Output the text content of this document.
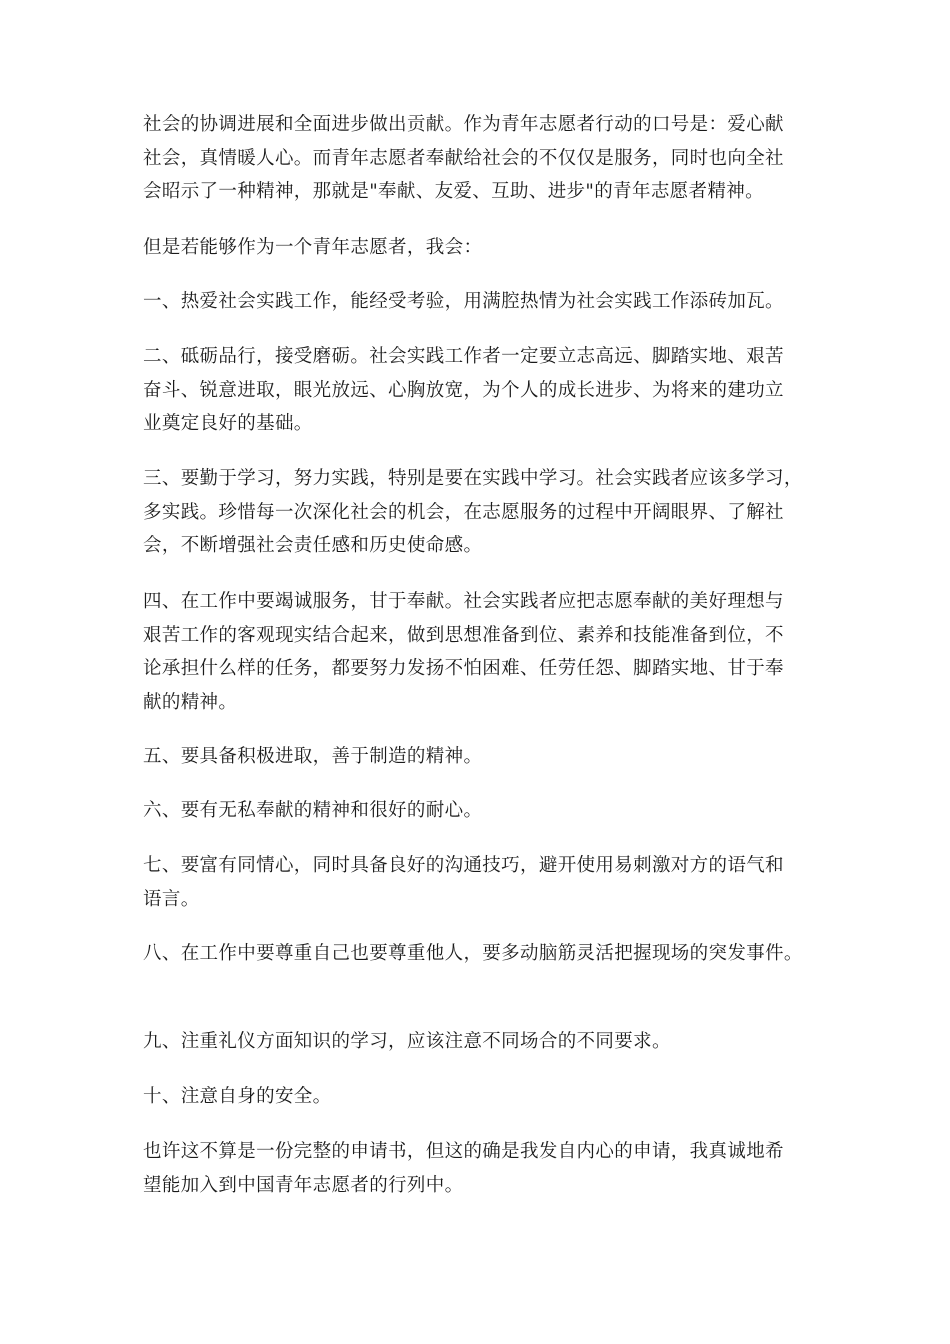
社会的协调进展和全面进步做出贡献。作为青年志愿者行动的口号是：爱心献
社会，真情暖人心。而青年志愿者奉献给社会的不仅仅是服务，同时也向全社
会昭示了一种精神，那就是"奉献、友爱、互助、进步"的青年志愿者精神。

但是若能够作为一个青年志愿者，我会：

一、热爱社会实践工作，能经受考验，用满腔热情为社会实践工作添砖加瓦。

二、砥砺品行，接受磨砺。社会实践工作者一定要立志高远、脚踏实地、艰苦
奋斗、锐意进取，眼光放远、心胸放宽，为个人的成长进步、为将来的建功立
业奠定良好的基础。

三、要勤于学习，努力实践，特别是要在实践中学习。社会实践者应该多学习，
多实践。珍惜每一次深化社会的机会，在志愿服务的过程中开阔眼界、了解社
会，不断增强社会责任感和历史使命感。

四、在工作中要竭诚服务，甘于奉献。社会实践者应把志愿奉献的美好理想与
艰苦工作的客观现实结合起来，做到思想准备到位、素养和技能准备到位，不
论承担什么样的任务，都要努力发扬不怕困难、任劳任怨、脚踏实地、甘于奉
献的精神。

五、要具备积极进取，善于制造的精神。

六、要有无私奉献的精神和很好的耐心。

七、要富有同情心，同时具备良好的沟通技巧，避开使用易刺激对方的语气和
语言。

八、在工作中要尊重自己也要尊重他人，要多动脑筋灵活把握现场的突发事件。

九、注重礼仪方面知识的学习，应该注意不同场合的不同要求。

十、注意自身的安全。

也许这不算是一份完整的申请书，但这的确是我发自内心的申请，我真诚地希
望能加入到中国青年志愿者的行列中。
